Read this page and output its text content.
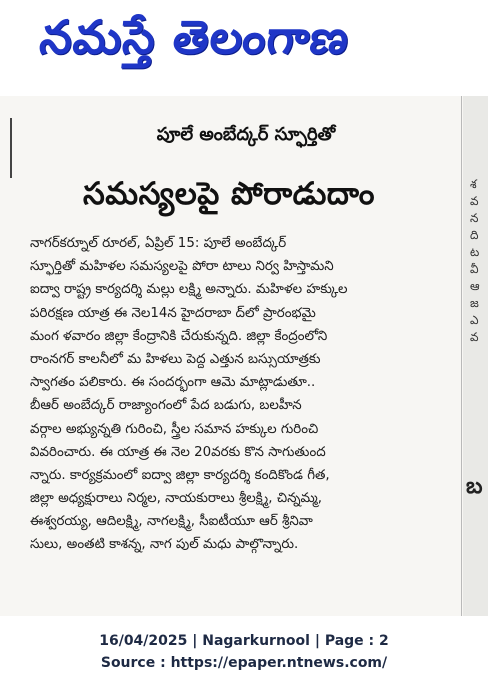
నమస్తే తెలంగాణ
శ
వ
న
ది
ట
వీ
ఆ
జ
ఎ
వ
బ
పూలే అంబేద్కర్ స్ఫూర్తితో
సమస్యలపై పోరాడుదాం
నాగర్‌కర్నూల్ రూరల్, ఏప్రిల్ 15: పూలే అంబేద్కర్
స్ఫూర్తితో మహిళల సమస్యలపై పోరా టాలు నిర్వ హిస్తామని
ఐద్వా రాష్ట్ర కార్యదర్శి మల్లు లక్ష్మి అన్నారు. మహిళల హక్కుల
పరిరక్షణ యాత్ర ఈ నెల14న హైదరాబా ద్‌లో ప్రారంభమై
మంగ ళవారం జిల్లా కేంద్రానికి చేరుకున్నది. జిల్లా కేంద్రంలోని
రాంనగర్ కాలనీలో మ హిళలు పెద్ద ఎత్తున బస్సుయాత్రకు
స్వాగతం పలికారు. ఈ సందర్భంగా ఆమె మాట్లాడుతూ..
బీఆర్ అంబేద్కర్ రాజ్యాంగంలో పేద బడుగు, బలహీన
వర్గాల అభ్యున్నతి గురించి, స్త్రీల సమాన హక్కుల గురించి
వివరించారు. ఈ యాత్ర ఈ నెల 20వరకు కొన సాగుతుంద
న్నారు. కార్యక్రమంలో ఐద్వా జిల్లా కార్యదర్శి కందికొండ గీత,
జిల్లా అధ్యక్షురాలు నిర్మల, నాయకురాలు శ్రీలక్ష్మి, చిన్నమ్మ,
ఈశ్వరయ్య, ఆదిలక్ష్మి, నాగలక్ష్మి, సీఐటీయూ ఆర్ శ్రీనివా
సులు, అంతటి కాశన్న, నాగ పుల్ మధు పాల్గొన్నారు.
16/04/2025 | Nagarkurnool | Page : 2
Source : https://epaper.ntnews.com/
